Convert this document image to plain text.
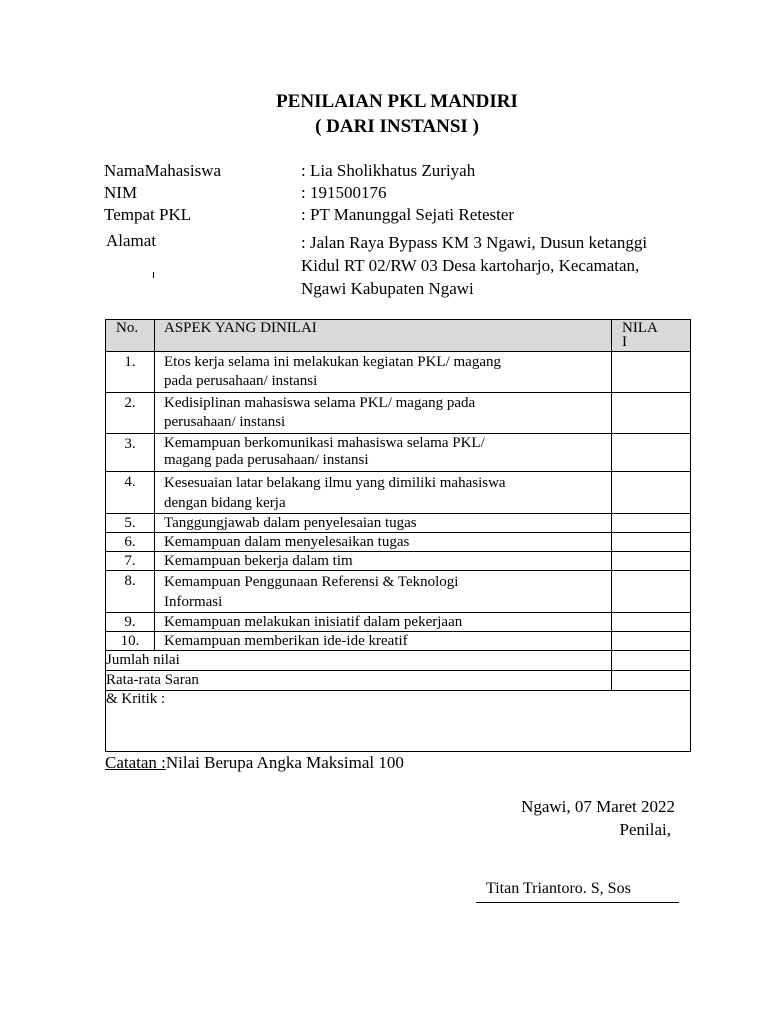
PENILAIAN PKL MANDIRI
( DARI INSTANSI )
NamaMahasiswa	: Lia Sholikhatus Zuriyah
NIM	: 191500176
Tempat PKL	: PT Manunggal Sejati Retester
Alamat	: Jalan Raya Bypass KM 3 Ngawi, Dusun ketanggi
Kidul RT 02/RW 03 Desa kartoharjo, Kecamatan,
Ngawi Kabupaten Ngawi
No.	ASPEK YANG DINILAI	NILA
I

1.	Etos kerja selama ini melakukan kegiatan PKL/ magang
pada perusahaan/ instansi	

2.	Kedisiplinan mahasiswa selama PKL/ magang pada
perusahaan/ instansi	

3.	Kemampuan berkomunikasi mahasiswa selama PKL/
magang pada perusahaan/ instansi	

4.	Kesesuaian latar belakang ilmu yang dimiliki mahasiswa
dengan bidang kerja	

5.	Tanggungjawab dalam penyelesaian tugas	
6.	Kemampuan dalam menyelesaikan tugas	
7.	Kemampuan bekerja dalam tim	
8.	Kemampuan Penggunaan Referensi & Teknologi
Informasi	

9.	Kemampuan melakukan inisiatif dalam pekerjaan	
10.	Kemampuan memberikan ide-ide kreatif	
Jumlah nilai		
Rata-rata Saran		
& Kritik :		
Catatan :Nilai Berupa Angka Maksimal 100
Ngawi, 07 Maret 2022
Penilai,
Titan Triantoro. S, Sos
